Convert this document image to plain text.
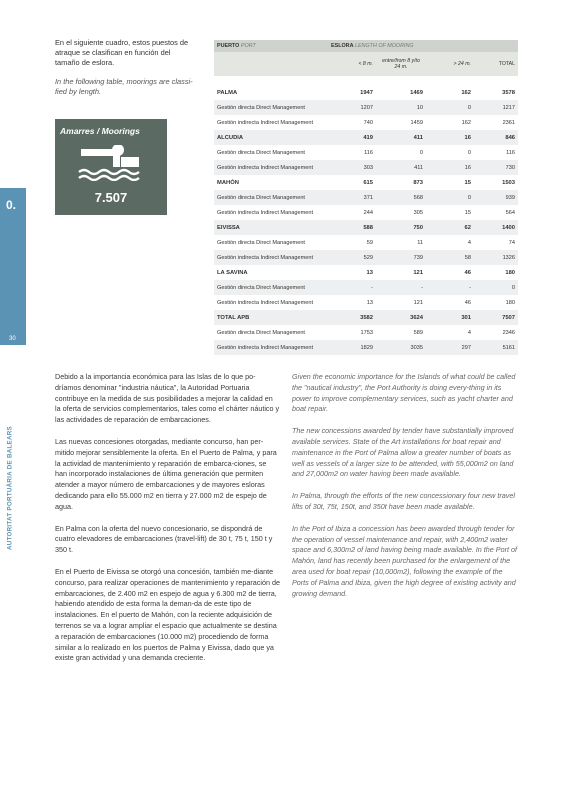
0.
30
AUTORITAT PORTUÀRIA DE BALEARS

En el siguiente cuadro, estos puestos de atraque se clasifican en función del tamaño de eslora.

In the following table, moorings are classi-fied by length.

Amarres / Moorings
7.507
PUERTO PORT	ESLORA LENGTH OF MOORING			
	< 8 m.	entre/from 8 y/to 24 m.	> 24 m.	TOTAL

PALMA	1947	1469	162	3578
Gestión directa Direct Management	1207	10	0	1217
Gestión indirecta Indirect Management	740	1459	162	2361
ALCUDIA	419	411	16	846
Gestión directa Direct Management	116	0	0	116
Gestión indirecta Indirect Management	303	411	16	730
MAHÓN	615	873	15	1503
Gestión directa Direct Management	371	568	0	939
Gestión indirecta Indirect Management	244	305	15	564
EIVISSA	588	750	62	1400
Gestión directa Direct Management	59	11	4	74
Gestión indirecta Indirect Management	529	739	58	1326
LA SAVINA	13	121	46	180
Gestión directa Direct Management	-	-	-	0
Gestión indirecta Indirect Management	13	121	46	180
TOTAL APB	3582	3624	301	7507
Gestión directa Direct Management	1753	589	4	2346
Gestión indirecta Indirect Management	1829	3035	297	5161

Debido a la importancia económica para las Islas de lo que po-dríamos denominar "industria náutica", la Autoridad Portuaria contribuye en la medida de sus posibilidades a mejorar la calidad en la oferta de servicios complementarios, tales como el chárter náutico y las actividades de reparación de embarcaciones.

Las nuevas concesiones otorgadas, mediante concurso, han per-mitido mejorar sensiblemente la oferta. En el Puerto de Palma, y para la actividad de mantenimiento y reparación de embarca-ciones, se han incorporado instalaciones de última generación que permiten atender a mayor número de embarcaciones y de mayores esloras dedicando para ello 55.000 m2 en tierra y 27.000 m2 de espejo de agua.

En Palma con la oferta del nuevo concesionario, se dispondrá de cuatro elevadores de embarcaciones (travel-lift) de 30 t, 75 t, 150 t y 350 t.

En el Puerto de Eivissa se otorgó una concesión, también me-diante concurso, para realizar operaciones de mantenimiento y reparación de embarcaciones, de 2.400 m2 en espejo de agua y 6.300 m2 de tierra, habiendo atendido de esta forma la deman-da de este tipo de instalaciones. En el puerto de Mahón, con la reciente adquisición de terrenos se va a lograr ampliar el espacio que actualmente se destina a reparación de embarcaciones (10.000 m2) procediendo de forma similar a lo realizado en los puertos de Palma y Eivissa, dado que ya existe gran actividad y una demanda creciente.

Given the economic importance for the Islands of what could be called the "nautical industry", the Port Authority is doing every-thing in its power to improve complementary services, such as yacht charter and boat repair.

The new concessions awarded by tender have substantially improved available services. State of the Art installations for boat repair and maintenance in the Port of Palma allow a greater number of boats as well as vessels of a larger size to be attended, with 55,000m2 on land and 27,000m2 on water having been made available.

In Palma, through the efforts of the new concessionary four new travel lifts of 30t, 75t, 150t, and 350t have been made available.

In the Port of Ibiza a concession has been awarded through tender for the operation of vessel maintenance and repair, with 2,400m2 water space and 6,300m2 of land having being made available. In the Port of Mahón, land has recently been purchased for the enlargement of the area used for boat repair (10,000m2), following the example of the Ports of Palma and Ibiza, given the high degree of existing activity and growing demand.
